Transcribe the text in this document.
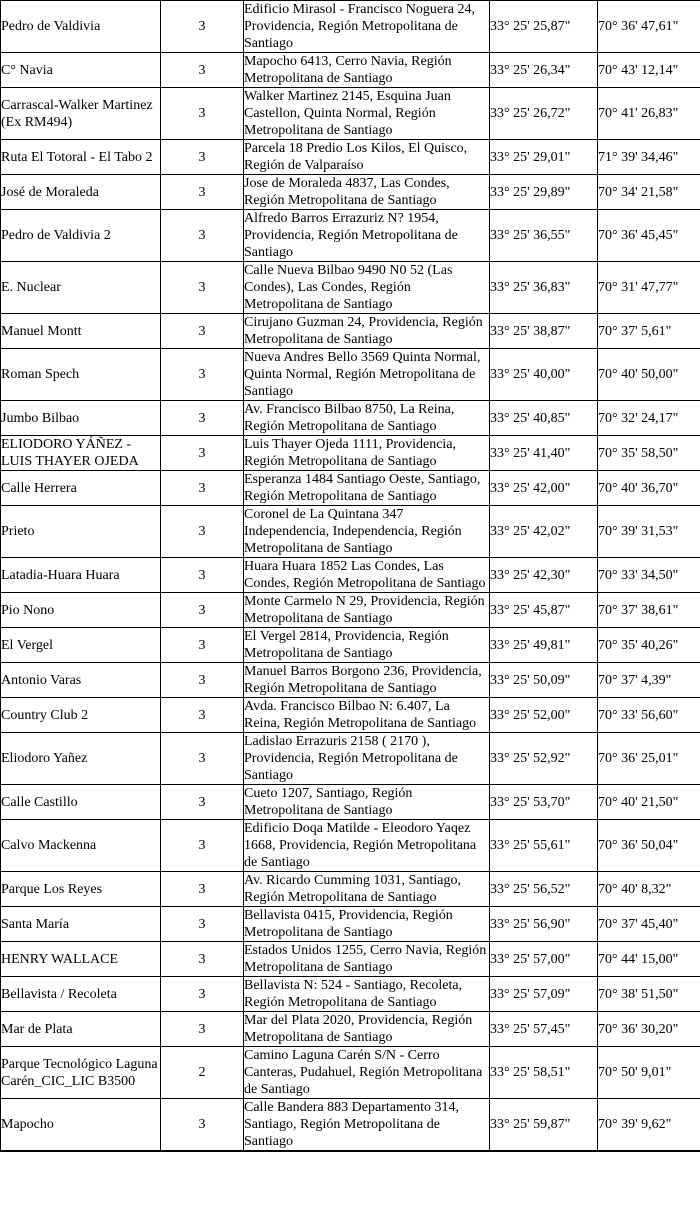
Pedro de Valdivia	3	Edificio Mirasol - Francisco Noguera 24, Providencia, Región Metropolitana de Santiago	33° 25' 25,87"	70° 36' 47,61"
C° Navia	3	Mapocho 6413, Cerro Navia, Región Metropolitana de Santiago	33° 25' 26,34"	70° 43' 12,14"
Carrascal-Walker Martinez (Ex RM494)	3	Walker Martinez 2145, Esquina Juan Castellon, Quinta Normal, Región Metropolitana de Santiago	33° 25' 26,72"	70° 41' 26,83"
Ruta El Totoral - El Tabo 2	3	Parcela 18 Predio Los Kilos, El Quisco, Región de Valparaíso	33° 25' 29,01"	71° 39' 34,46"
José de Moraleda	3	Jose de Moraleda 4837, Las Condes, Región Metropolitana de Santiago	33° 25' 29,89"	70° 34' 21,58"
Pedro de Valdivia 2	3	Alfredo Barros Errazuriz N? 1954, Providencia, Región Metropolitana de Santiago	33° 25' 36,55"	70° 36' 45,45"
E. Nuclear	3	Calle Nueva Bilbao 9490 N0 52 (Las Condes), Las Condes, Región Metropolitana de Santiago	33° 25' 36,83"	70° 31' 47,77"
Manuel Montt	3	Cirujano Guzman 24, Providencia, Región Metropolitana de Santiago	33° 25' 38,87"	70° 37' 5,61"
Roman Spech	3	Nueva Andres Bello 3569 Quinta Normal, Quinta Normal, Región Metropolitana de Santiago	33° 25' 40,00"	70° 40' 50,00"
Jumbo Bilbao	3	Av. Francisco Bilbao 8750, La Reina, Región Metropolitana de Santiago	33° 25' 40,85"	70° 32' 24,17"
ELIODORO YÁÑEZ - LUIS THAYER OJEDA	3	Luis Thayer Ojeda 1111, Providencia, Región Metropolitana de Santiago	33° 25' 41,40"	70° 35' 58,50"
Calle Herrera	3	Esperanza 1484 Santiago Oeste, Santiago, Región Metropolitana de Santiago	33° 25' 42,00"	70° 40' 36,70"
Prieto	3	Coronel de La Quintana 347 Independencia, Independencia, Región Metropolitana de Santiago	33° 25' 42,02"	70° 39' 31,53"
Latadia-Huara Huara	3	Huara Huara 1852 Las Condes, Las Condes, Región Metropolitana de Santiago	33° 25' 42,30"	70° 33' 34,50"
Pio Nono	3	Monte Carmelo N 29, Providencia, Región Metropolitana de Santiago	33° 25' 45,87"	70° 37' 38,61"
El Vergel	3	El Vergel 2814, Providencia, Región Metropolitana de Santiago	33° 25' 49,81"	70° 35' 40,26"
Antonio Varas	3	Manuel Barros Borgono 236, Providencia, Región Metropolitana de Santiago	33° 25' 50,09"	70° 37' 4,39"
Country Club 2	3	Avda. Francisco Bilbao N: 6.407, La Reina, Región Metropolitana de Santiago	33° 25' 52,00"	70° 33' 56,60"
Eliodoro Yañez	3	Ladislao Errazuris 2158 ( 2170 ), Providencia, Región Metropolitana de Santiago	33° 25' 52,92"	70° 36' 25,01"
Calle Castillo	3	Cueto 1207, Santiago, Región Metropolitana de Santiago	33° 25' 53,70"	70° 40' 21,50"
Calvo Mackenna	3	Edificio Doqa Matilde - Eleodoro Yaqez 1668, Providencia, Región Metropolitana de Santiago	33° 25' 55,61"	70° 36' 50,04"
Parque Los Reyes	3	Av. Ricardo Cumming 1031, Santiago, Región Metropolitana de Santiago	33° 25' 56,52"	70° 40' 8,32"
Santa María	3	Bellavista 0415, Providencia, Región Metropolitana de Santiago	33° 25' 56,90"	70° 37' 45,40"
HENRY WALLACE	3	Estados Unidos 1255, Cerro Navia, Región Metropolitana de Santiago	33° 25' 57,00"	70° 44' 15,00"
Bellavista / Recoleta	3	Bellavista N: 524 - Santiago, Recoleta, Región Metropolitana de Santiago	33° 25' 57,09"	70° 38' 51,50"
Mar de Plata	3	Mar del Plata 2020, Providencia, Región Metropolitana de Santiago	33° 25' 57,45"	70° 36' 30,20"
Parque Tecnológico Laguna Carén_CIC_LIC B3500	2	Camino Laguna Carén S/N - Cerro Canteras, Pudahuel, Región Metropolitana de Santiago	33° 25' 58,51"	70° 50' 9,01"
Mapocho	3	Calle Bandera 883 Departamento 314, Santiago, Región Metropolitana de Santiago	33° 25' 59,87"	70° 39' 9,62"
